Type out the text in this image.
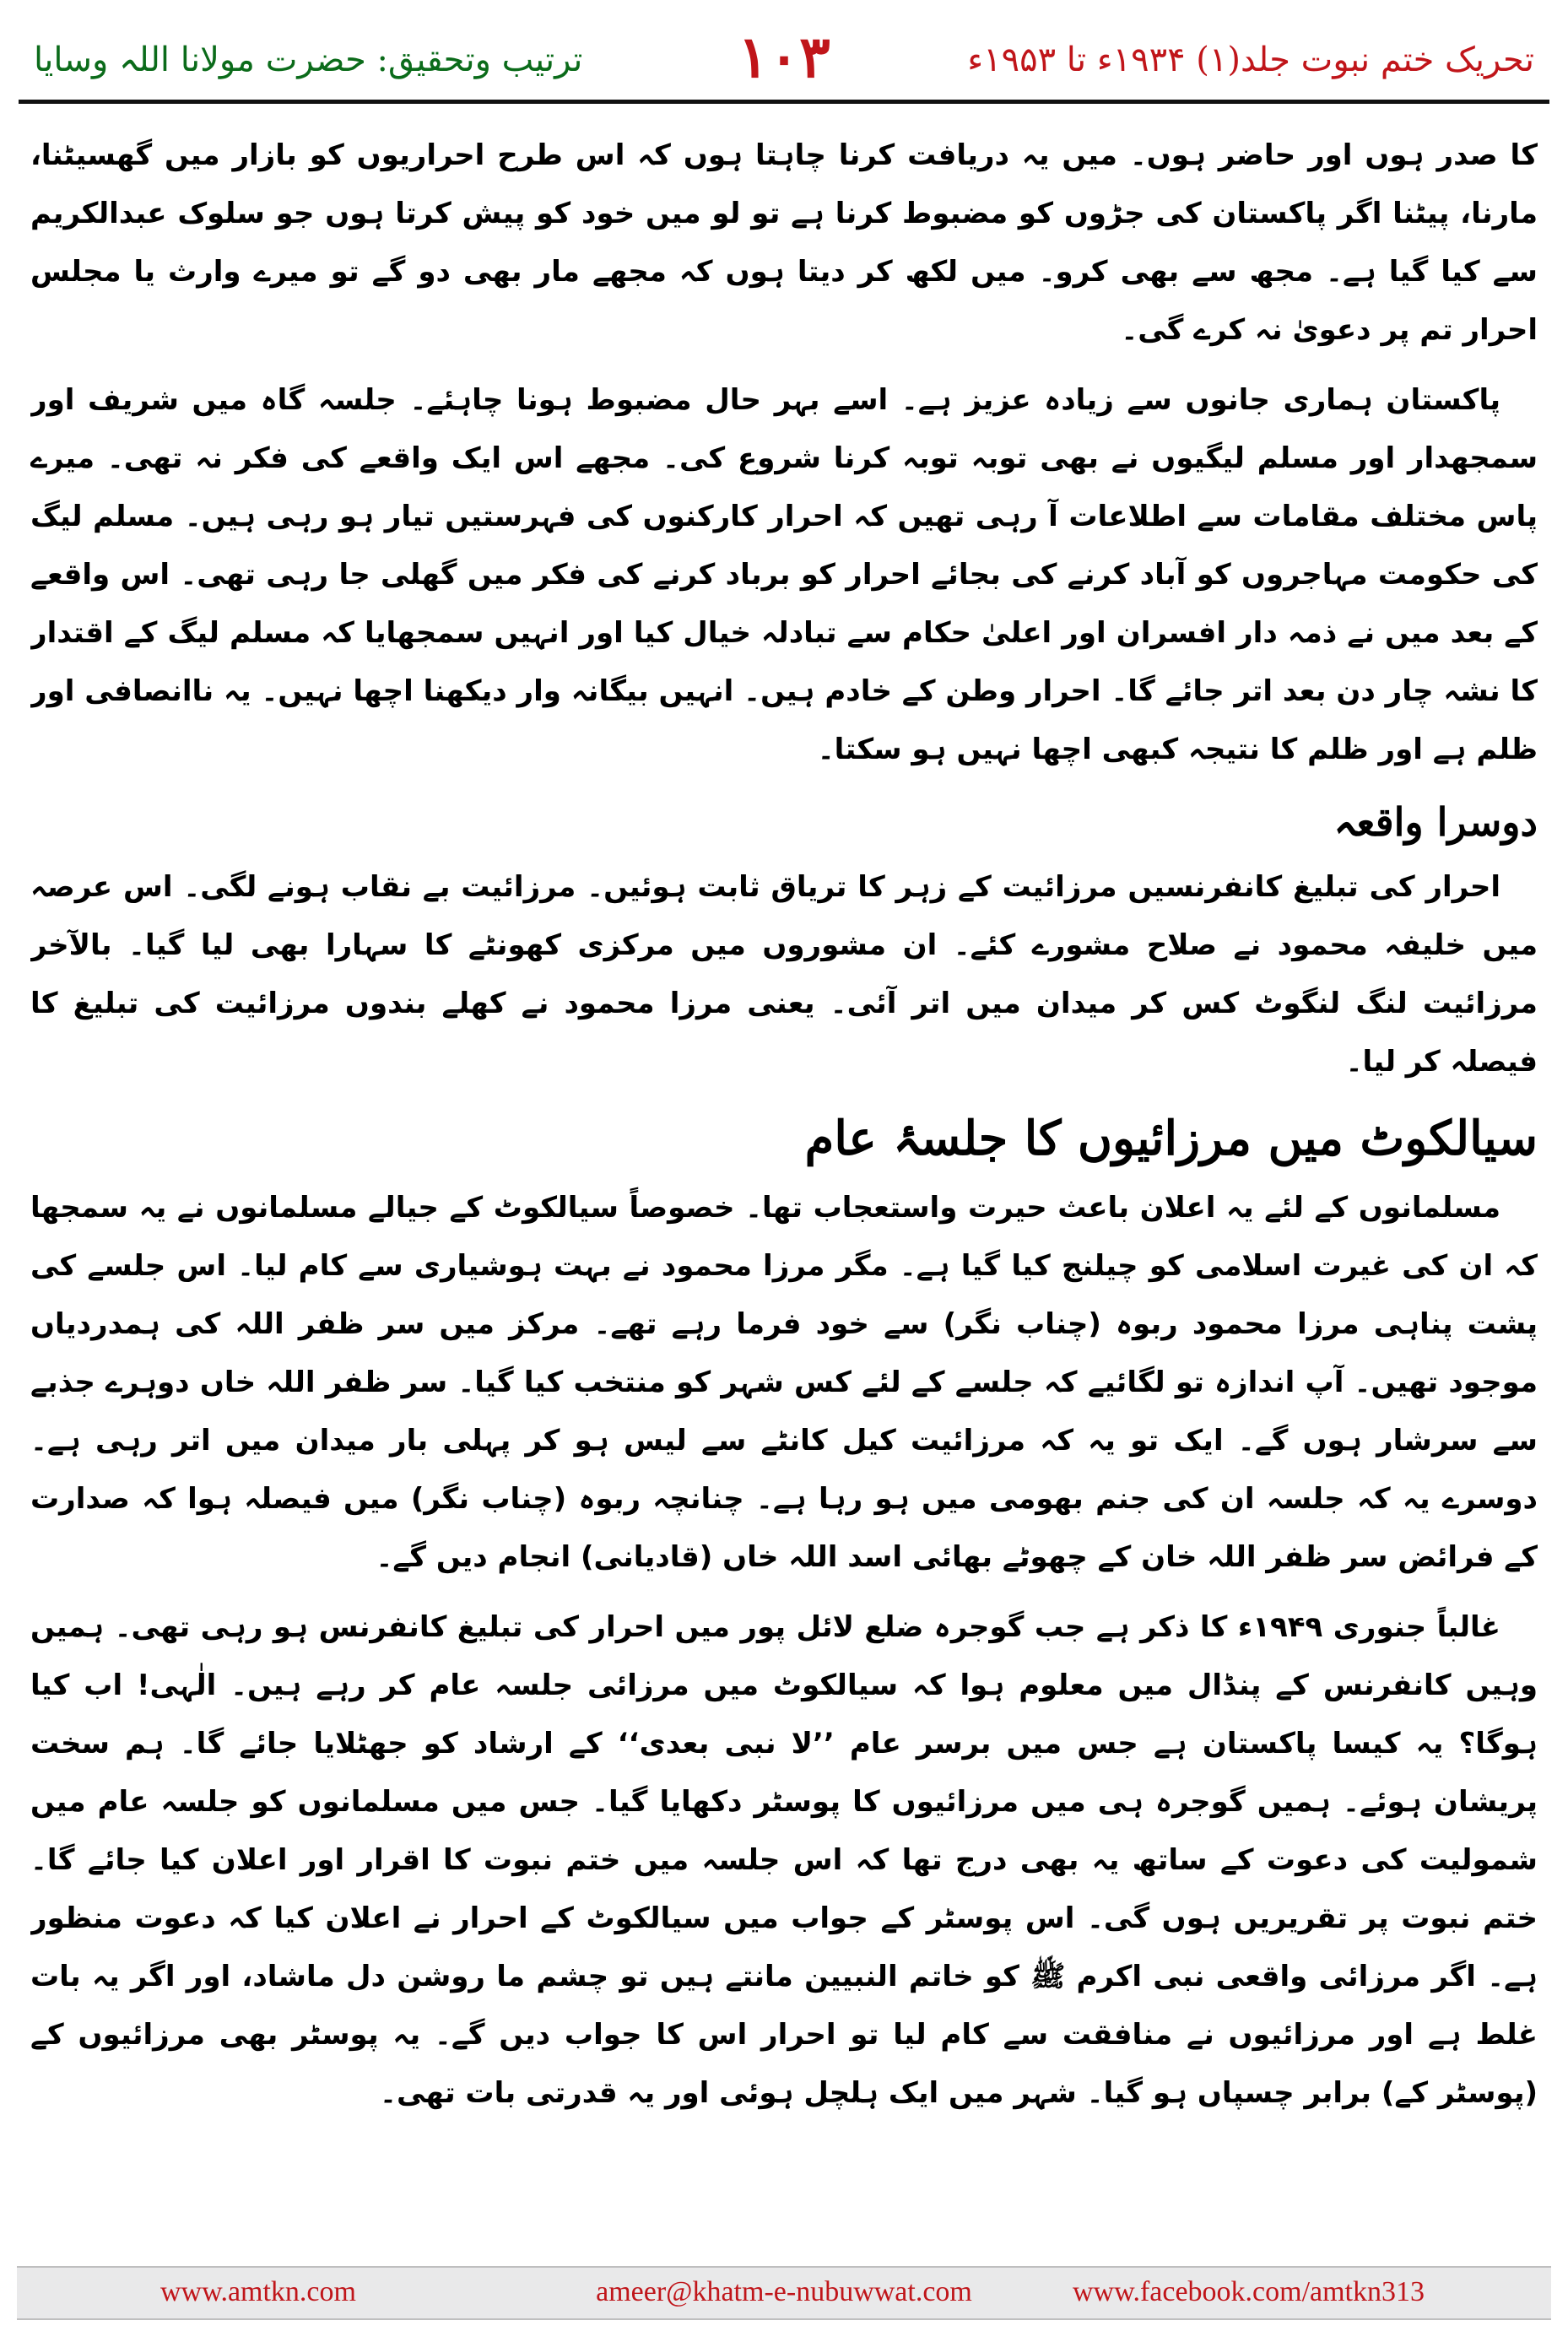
ترتیب وتحقیق: حضرت مولانا اللہ وسایا	۱۰۳	تحریک ختم نبوت جلد(۱) ۱۹۳۴ء تا ۱۹۵۳ء

کا صدر ہوں اور حاضر ہوں۔ میں یہ دریافت کرنا چاہتا ہوں کہ اس طرح احراریوں کو بازار میں گھسیٹنا، مارنا، پیٹنا اگر پاکستان کی جڑوں کو مضبوط کرنا ہے تو لو میں خود کو پیش کرتا ہوں جو سلوک عبدالکریم سے کیا گیا ہے۔ مجھ سے بھی کرو۔ میں لکھ کر دیتا ہوں کہ مجھے مار بھی دو گے تو میرے وارث یا مجلس احرار تم پر دعویٰ نہ کرے گی۔

پاکستان ہماری جانوں سے زیادہ عزیز ہے۔ اسے بہر حال مضبوط ہونا چاہئے۔ جلسہ گاہ میں شریف اور سمجھدار اور مسلم لیگیوں نے بھی توبہ توبہ کرنا شروع کی۔ مجھے اس ایک واقعے کی فکر نہ تھی۔ میرے پاس مختلف مقامات سے اطلاعات آ رہی تھیں کہ احرار کارکنوں کی فہرستیں تیار ہو رہی ہیں۔ مسلم لیگ کی حکومت مہاجروں کو آباد کرنے کی بجائے احرار کو برباد کرنے کی فکر میں گھلی جا رہی تھی۔ اس واقعے کے بعد میں نے ذمہ دار افسران اور اعلیٰ حکام سے تبادلہ خیال کیا اور انہیں سمجھایا کہ مسلم لیگ کے اقتدار کا نشہ چار دن بعد اتر جائے گا۔ احرار وطن کے خادم ہیں۔ انہیں بیگانہ وار دیکھنا اچھا نہیں۔ یہ ناانصافی اور ظلم ہے اور ظلم کا نتیجہ کبھی اچھا نہیں ہو سکتا۔

دوسرا واقعہ

احرار کی تبلیغ کانفرنسیں مرزائیت کے زہر کا تریاق ثابت ہوئیں۔ مرزائیت بے نقاب ہونے لگی۔ اس عرصہ میں خلیفہ محمود نے صلاح مشورے کئے۔ ان مشوروں میں مرکزی کھونٹے کا سہارا بھی لیا گیا۔ بالآخر مرزائیت لنگ لنگوٹ کس کر میدان میں اتر آئی۔ یعنی مرزا محمود نے کھلے بندوں مرزائیت کی تبلیغ کا فیصلہ کر لیا۔

سیالکوٹ میں مرزائیوں کا جلسۂ عام

مسلمانوں کے لئے یہ اعلان باعث حیرت واستعجاب تھا۔ خصوصاً سیالکوٹ کے جیالے مسلمانوں نے یہ سمجھا کہ ان کی غیرت اسلامی کو چیلنج کیا گیا ہے۔ مگر مرزا محمود نے بہت ہوشیاری سے کام لیا۔ اس جلسے کی پشت پناہی مرزا محمود ربوہ (چناب نگر) سے خود فرما رہے تھے۔ مرکز میں سر ظفر اللہ کی ہمدردیاں موجود تھیں۔ آپ اندازہ تو لگائیے کہ جلسے کے لئے کس شہر کو منتخب کیا گیا۔ سر ظفر اللہ خاں دوہرے جذبے سے سرشار ہوں گے۔ ایک تو یہ کہ مرزائیت کیل کانٹے سے لیس ہو کر پہلی بار میدان میں اتر رہی ہے۔ دوسرے یہ کہ جلسہ ان کی جنم بھومی میں ہو رہا ہے۔ چنانچہ ربوہ (چناب نگر) میں فیصلہ ہوا کہ صدارت کے فرائض سر ظفر اللہ خان کے چھوٹے بھائی اسد اللہ خاں (قادیانی) انجام دیں گے۔

غالباً جنوری ۱۹۴۹ء کا ذکر ہے جب گوجرہ ضلع لائل پور میں احرار کی تبلیغ کانفرنس ہو رہی تھی۔ ہمیں وہیں کانفرنس کے پنڈال میں معلوم ہوا کہ سیالکوٹ میں مرزائی جلسہ عام کر رہے ہیں۔ الٰہی! اب کیا ہوگا؟ یہ کیسا پاکستان ہے جس میں برسر عام ’’لا نبی بعدی‘‘ کے ارشاد کو جھٹلایا جائے گا۔ ہم سخت پریشان ہوئے۔ ہمیں گوجرہ ہی میں مرزائیوں کا پوسٹر دکھایا گیا۔ جس میں مسلمانوں کو جلسہ عام میں شمولیت کی دعوت کے ساتھ یہ بھی درج تھا کہ اس جلسہ میں ختم نبوت کا اقرار اور اعلان کیا جائے گا۔ ختم نبوت پر تقریریں ہوں گی۔ اس پوسٹر کے جواب میں سیالکوٹ کے احرار نے اعلان کیا کہ دعوت منظور ہے۔ اگر مرزائی واقعی نبی اکرم ﷺ کو خاتم النبیین مانتے ہیں تو چشم ما روشن دل ماشاد، اور اگر یہ بات غلط ہے اور مرزائیوں نے منافقت سے کام لیا تو احرار اس کا جواب دیں گے۔ یہ پوسٹر بھی مرزائیوں کے (پوسٹر کے) برابر چسپاں ہو گیا۔ شہر میں ایک ہلچل ہوئی اور یہ قدرتی بات تھی۔

www.amtkn.com	ameer@khatm-e-nubuwwat.com	www.facebook.com/amtkn313
